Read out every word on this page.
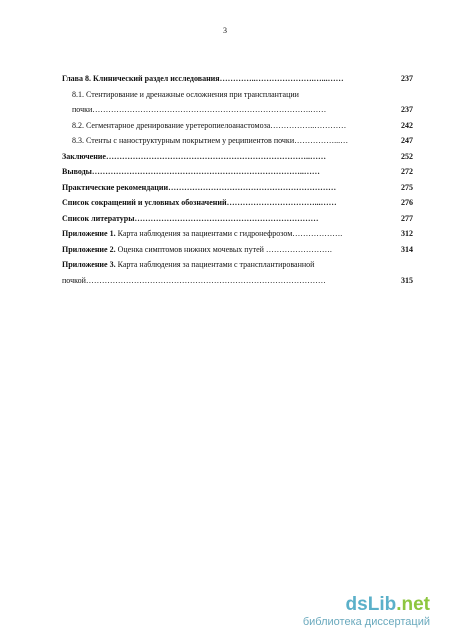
3
Глава 8. Клинический раздел исследования…………..………………….…...……	237
8.1. Стентирование и дренажные осложнения при трансплантации
почки……………………………………………………………………….……	237
8.2. Сегментарное дренирование уретеропиелоанастомоза……………..…………	242
8.3. Стенты с наноструктурным покрытием у реципиентов почки……………...…	247
Заключение…………………………………………………………………..……	252
Выводы……………………………………………………………………..……	272
Практические рекомендации………………………………………………………	275
Список сокращений и условных обозначений……………………………...……	276
Список литературы……………………………………………………………	277
Приложение 1. Карта наблюдения за пациентами с гидронефрозом……………….	312
Приложение 2. Оценка симптомов нижних мочевых путей …………………….	314
Приложение 3. Карта наблюдения за пациентами с трансплантированной
почкой………………………………………………………………………………	315
dsLib.net
библиотека диссертаций
